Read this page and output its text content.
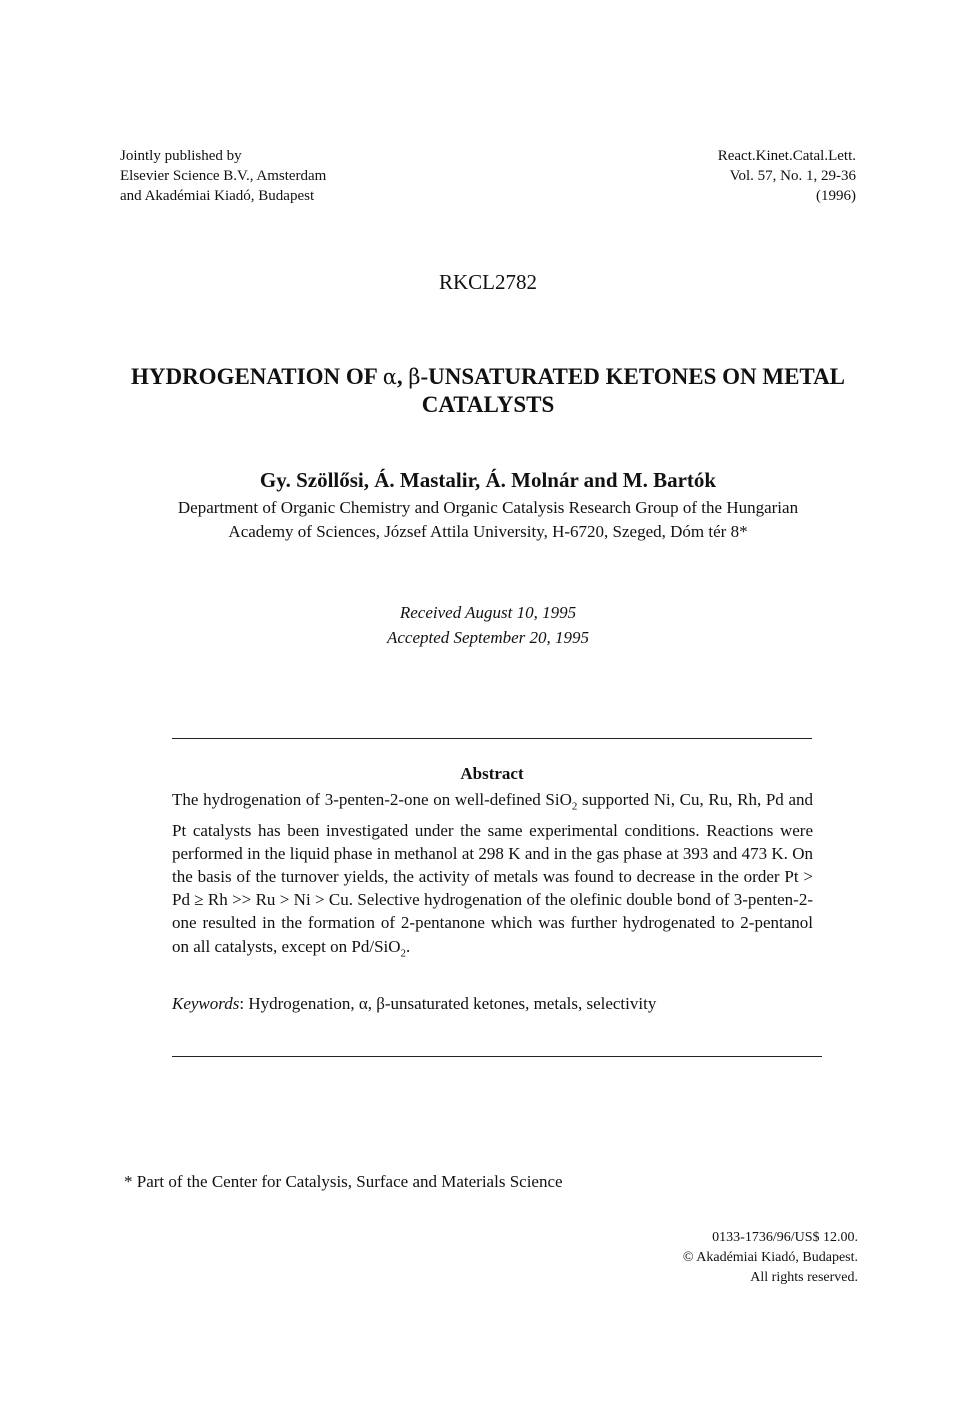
Jointly published by
Elsevier Science B.V., Amsterdam
and Akadémiai Kiadó, Budapest
React.Kinet.Catal.Lett.
Vol. 57, No. 1, 29-36
(1996)
RKCL2782
HYDROGENATION OF α, β-UNSATURATED KETONES ON METAL
CATALYSTS
Gy. Szöllősi, Á. Mastalir, Á. Molnár and M. Bartók
Department of Organic Chemistry and Organic Catalysis Research Group of the Hungarian
Academy of Sciences, József Attila University, H-6720, Szeged, Dóm tér 8*
Received August 10, 1995
Accepted September 20, 1995
Abstract
The hydrogenation of 3-penten-2-one on well-defined SiO$_2$ supported Ni, Cu, Ru, Rh, Pd and Pt catalysts has been investigated under the same experimental conditions. Reactions were performed in the liquid phase in methanol at 298 K and in the gas phase at 393 and 473 K. On the basis of the turnover yields, the activity of metals was found to decrease in the order Pt > Pd ≥ Rh >> Ru > Ni > Cu. Selective hydrogenation of the olefinic double bond of 3-penten-2-one resulted in the formation of 2-pentanone which was further hydrogenated to 2-pentanol on all catalysts, except on Pd/SiO$_2$.
Keywords: Hydrogenation, α, β-unsaturated ketones, metals, selectivity
* Part of the Center for Catalysis, Surface and Materials Science
0133-1736/96/US$ 12.00.
© Akadémiai Kiadó, Budapest.
All rights reserved.
